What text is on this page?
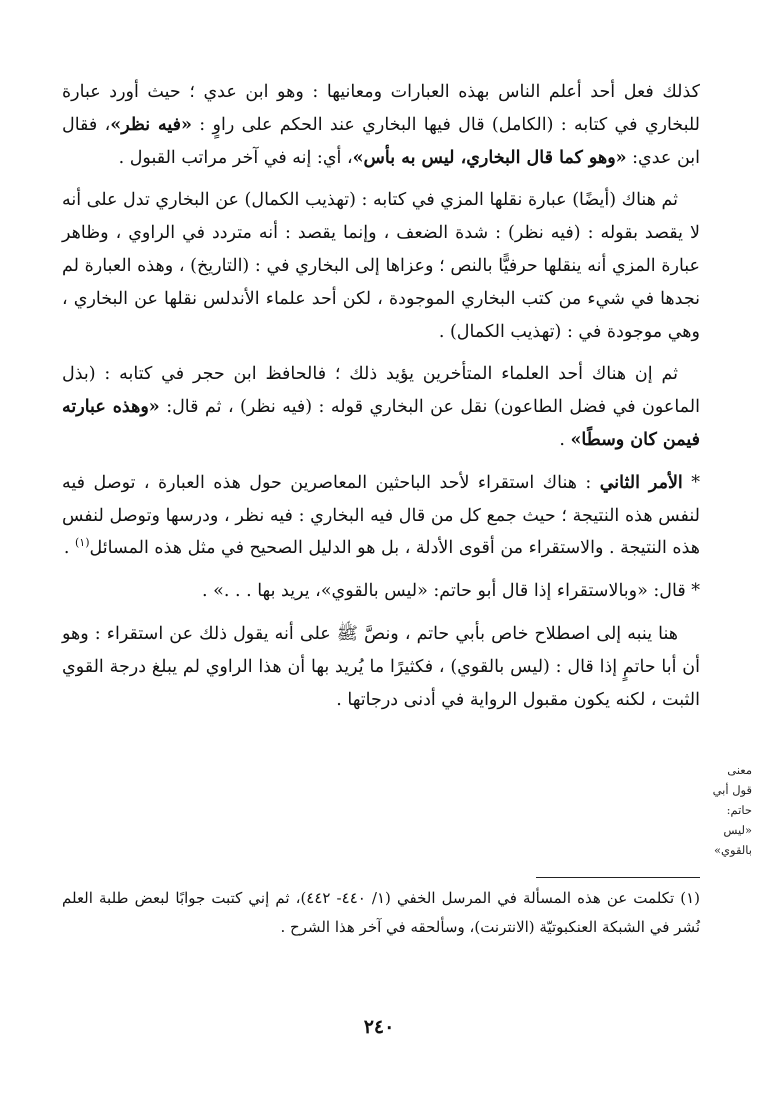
كذلك فعل أحد أعلم الناس بهذه العبارات ومعانيها : وهو ابن عدي ؛ حيث أورد عبارة للبخاري في كتابه : (الكامل) قال فيها البخاري عند الحكم على راوٍ : «فيه نظر»، فقال ابن عدي: «وهو كما قال البخاري، ليس به بأس»، أي: إنه في آخر مراتب القبول .

ثم هناك (أيضًا) عبارة نقلها المزي في كتابه : (تهذيب الكمال) عن البخاري تدل على أنه لا يقصد بقوله : (فيه نظر) : شدة الضعف ، وإنما يقصد : أنه متردد في الراوي ، وظاهر عبارة المزي أنه ينقلها حرفيًّا بالنص ؛ وعزاها إلى البخاري في : (التاريخ) ، وهذه العبارة لم نجدها في شيء من كتب البخاري الموجودة ، لكن أحد علماء الأندلس نقلها عن البخاري ، وهي موجودة في : (تهذيب الكمال) .

ثم إن هناك أحد العلماء المتأخرين يؤيد ذلك ؛ فالحافظ ابن حجر في كتابه : (بذل الماعون في فضل الطاعون) نقل عن البخاري قوله : (فيه نظر) ، ثم قال: «وهذه عبارته فيمن كان وسطًا» .

* الأمر الثاني : هناك استقراء لأحد الباحثين المعاصرين حول هذه العبارة ، توصل فيه لنفس هذه النتيجة ؛ حيث جمع كل من قال فيه البخاري : فيه نظر ، ودرسها وتوصل لنفس هذه النتيجة . والاستقراء من أقوى الأدلة ، بل هو الدليل الصحيح في مثل هذه المسائل$^{(١)}$ .

* قال: «وبالاستقراء إذا قال أبو حاتم: «ليس بالقوي»، يريد بها . . .» .

هنا ينبه إلى اصطلاح خاص بأبي حاتم ، ونصَّ ﷺ على أنه يقول ذلك عن استقراء : وهو أن أبا حاتمٍ إذا قال : (ليس بالقوي) ، فكثيرًا ما يُريد بها أن هذا الراوي لم يبلغ درجة القوي الثبت ، لكنه يكون مقبول الرواية في أدنى درجاتها .

معنى قول أبي حاتم: «ليس بالقوي»
(١) تكلمت عن هذه المسألة في المرسل الخفي (١/ ٤٤٠- ٤٤٢)، ثم إني كتبت جوابًا لبعض طلبة العلم نُشر في الشبكة العنكبوتيّة (الانترنت)، وسألحقه في آخر هذا الشرح .
٢٤٠
